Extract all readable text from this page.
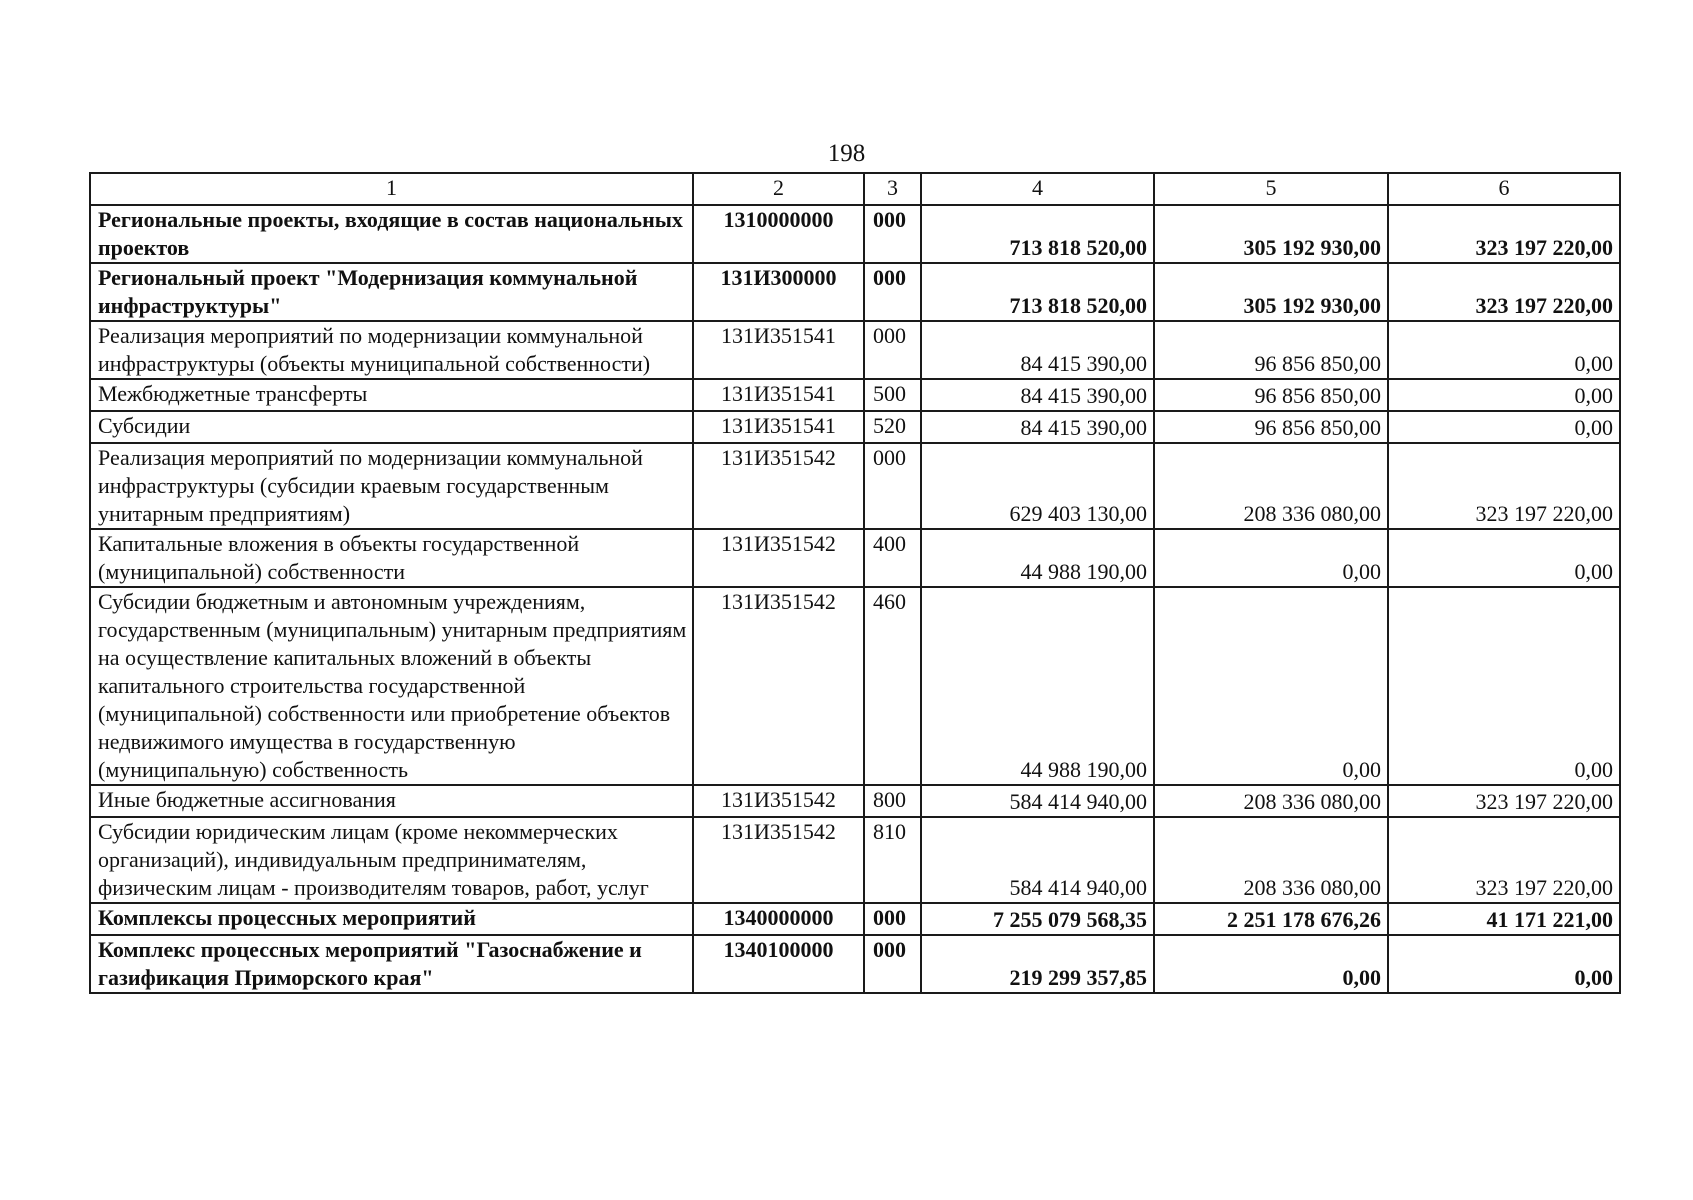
198
1	2	3	4	5	6
Региональные проекты, входящие в состав национальных проектов	1310000000	000	713 818 520,00	305 192 930,00	323 197 220,00
Региональный проект "Модернизация коммунальной инфраструктуры"	131И300000	000	713 818 520,00	305 192 930,00	323 197 220,00
Реализация мероприятий по модернизации коммунальной инфраструктуры (объекты муниципальной собственности)	131И351541	000	84 415 390,00	96 856 850,00	0,00
Межбюджетные трансферты	131И351541	500	84 415 390,00	96 856 850,00	0,00
Субсидии	131И351541	520	84 415 390,00	96 856 850,00	0,00
Реализация мероприятий по модернизации коммунальной инфраструктуры (субсидии краевым государственным унитарным предприятиям)	131И351542	000	629 403 130,00	208 336 080,00	323 197 220,00
Капитальные вложения в объекты государственной (муниципальной) собственности	131И351542	400	44 988 190,00	0,00	0,00
Субсидии бюджетным и автономным учреждениям, государственным (муниципальным) унитарным предприятиям на осуществление капитальных вложений в объекты капитального строительства государственной (муниципальной) собственности или приобретение объектов недвижимого имущества в государственную (муниципальную) собственность	131И351542	460	44 988 190,00	0,00	0,00
Иные бюджетные ассигнования	131И351542	800	584 414 940,00	208 336 080,00	323 197 220,00
Субсидии юридическим лицам (кроме некоммерческих организаций), индивидуальным предпринимателям, физическим лицам - производителям товаров, работ, услуг	131И351542	810	584 414 940,00	208 336 080,00	323 197 220,00
Комплексы процессных мероприятий	1340000000	000	7 255 079 568,35	2 251 178 676,26	41 171 221,00
Комплекс процессных мероприятий "Газоснабжение и газификация Приморского края"	1340100000	000	219 299 357,85	0,00	0,00
